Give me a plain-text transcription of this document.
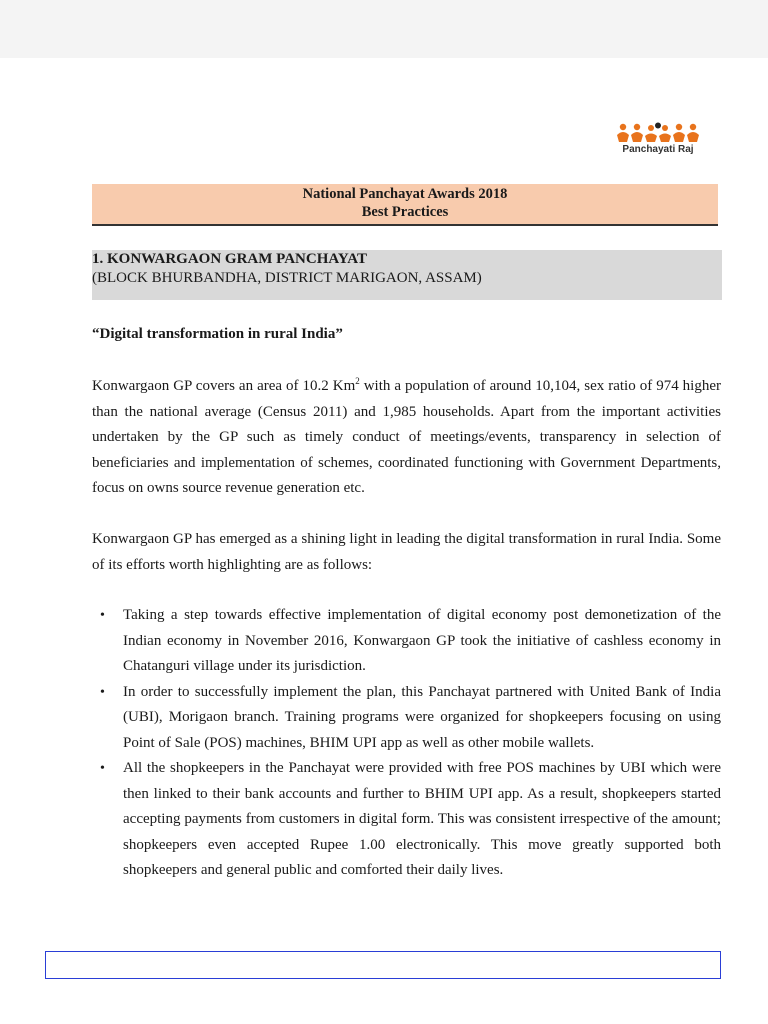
Panchayati Raj
National Panchayat Awards 2018
Best Practices
1. KONWARGAON GRAM PANCHAYAT
(BLOCK BHURBANDHA, DISTRICT MARIGAON, ASSAM)
“Digital transformation in rural India”

Konwargaon GP covers an area of 10.2 Km$^2$ with a population of around 10,104, sex ratio of 974 higher than the national average (Census 2011) and 1,985 households. Apart from the important activities undertaken by the GP such as timely conduct of meetings/events, transparency in selection of beneficiaries and implementation of schemes, coordinated functioning with Government Departments, focus on owns source revenue generation etc.

Konwargaon GP has emerged as a shining light in leading the digital transformation in rural India. Some of its efforts worth highlighting are as follows:

• Taking a step towards effective implementation of digital economy post demonetization of the Indian economy in November 2016, Konwargaon GP took the initiative of cashless economy in Chatanguri village under its jurisdiction.
• In order to successfully implement the plan, this Panchayat partnered with United Bank of India (UBI), Morigaon branch. Training programs were organized for shopkeepers focusing on using Point of Sale (POS) machines, BHIM UPI app as well as other mobile wallets.
• All the shopkeepers in the Panchayat were provided with free POS machines by UBI which were then linked to their bank accounts and further to BHIM UPI app. As a result, shopkeepers started accepting payments from customers in digital form. This was consistent irrespective of the amount; shopkeepers even accepted Rupee 1.00 electronically. This move greatly supported both shopkeepers and general public and comforted their daily lives.
